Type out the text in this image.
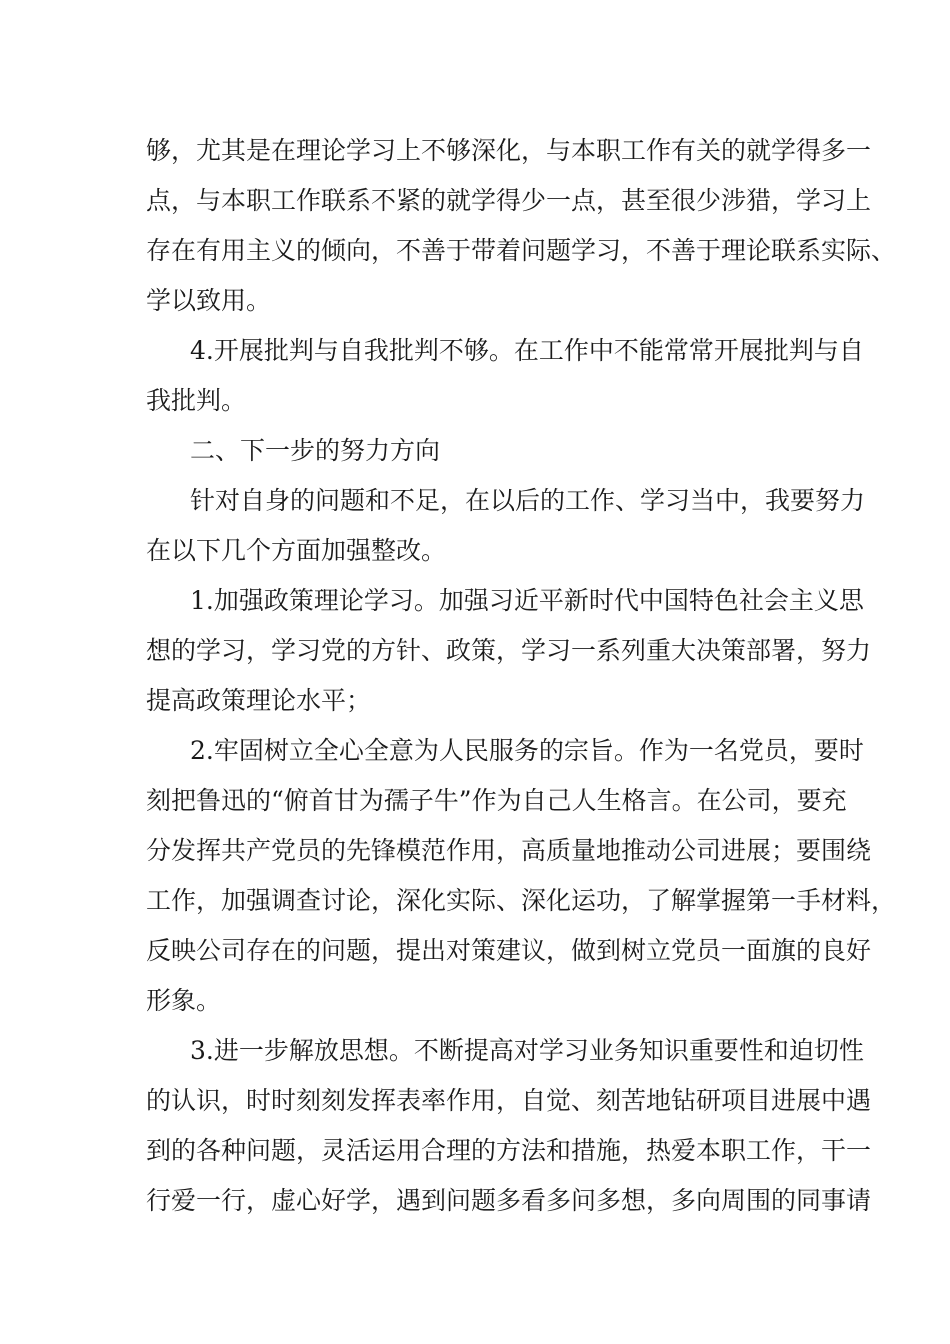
够，尤其是在理论学习上不够深化，与本职工作有关的就学得多一
点，与本职工作联系不紧的就学得少一点，甚至很少涉猎，学习上
存在有用主义的倾向，不善于带着问题学习，不善于理论联系实际、
学以致用。
4.开展批判与自我批判不够。在工作中不能常常开展批判与自
我批判。
二、下一步的努力方向
针对自身的问题和不足，在以后的工作、学习当中，我要努力
在以下几个方面加强整改。
1.加强政策理论学习。加强习近平新时代中国特色社会主义思
想的学习，学习党的方针、政策，学习一系列重大决策部署，努力
提高政策理论水平；
2.牢固树立全心全意为人民服务的宗旨。作为一名党员，要时
刻把鲁迅的“俯首甘为孺子牛”作为自己人生格言。在公司，要充
分发挥共产党员的先锋模范作用，高质量地推动公司进展；要围绕
工作，加强调查讨论，深化实际、深化运功，了解掌握第一手材料，
反映公司存在的问题，提出对策建议，做到树立党员一面旗的良好
形象。
3.进一步解放思想。不断提高对学习业务知识重要性和迫切性
的认识，时时刻刻发挥表率作用，自觉、刻苦地钻研项目进展中遇
到的各种问题，灵活运用合理的方法和措施，热爱本职工作，干一
行爱一行，虚心好学，遇到问题多看多问多想，多向周围的同事请
